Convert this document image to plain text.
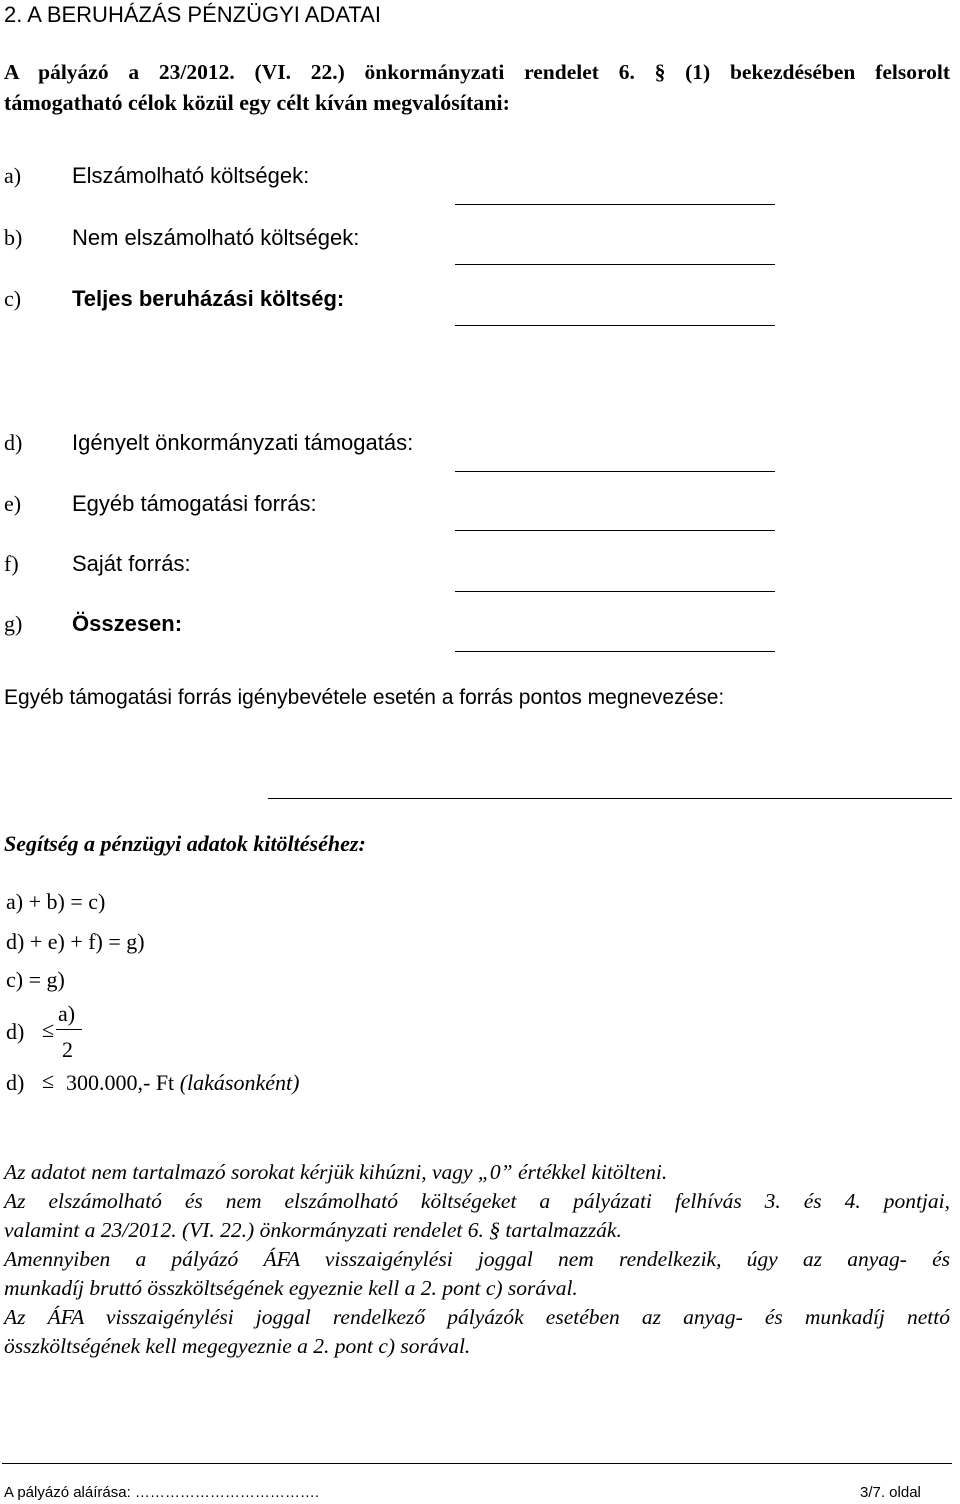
2. A BERUHÁZÁS PÉNZÜGYI ADATAI
A pályázó a 23/2012. (VI. 22.) önkormányzati rendelet 6. § (1) bekezdésében felsorolt
támogatható célok közül egy célt kíván megvalósítani:
a) Elszámolható költségek:
b) Nem elszámolható költségek:
c) Teljes beruházási költség:
d) Igényelt önkormányzati támogatás:
e) Egyéb támogatási forrás:
f) Saját forrás:
g) Összesen:
Egyéb támogatási forrás igénybevétele esetén a forrás pontos megnevezése:
Segítség a pénzügyi adatok kitöltéséhez:
a) + b) = c)
d) + e) + f) = g)
c) = g)
d) ≤
a)
2
d) ≤ 300.000,- Ft (lakásonként)
Az adatot nem tartalmazó sorokat kérjük kihúzni, vagy „0” értékkel kitölteni.
Az elszámolható és nem elszámolható költségeket a pályázati felhívás 3. és 4. pontjai,
valamint a 23/2012. (VI. 22.) önkormányzati rendelet 6. § tartalmazzák.
Amennyiben a pályázó ÁFA visszaigénylési joggal nem rendelkezik, úgy az anyag- és
munkadíj bruttó összköltségének egyeznie kell a 2. pont c) sorával.
Az ÁFA visszaigénylési joggal rendelkező pályázók esetében az anyag- és munkadíj nettó
összköltségének kell megegyeznie a 2. pont c) sorával.
A pályázó aláírása: ……………………………….	3/7. oldal
